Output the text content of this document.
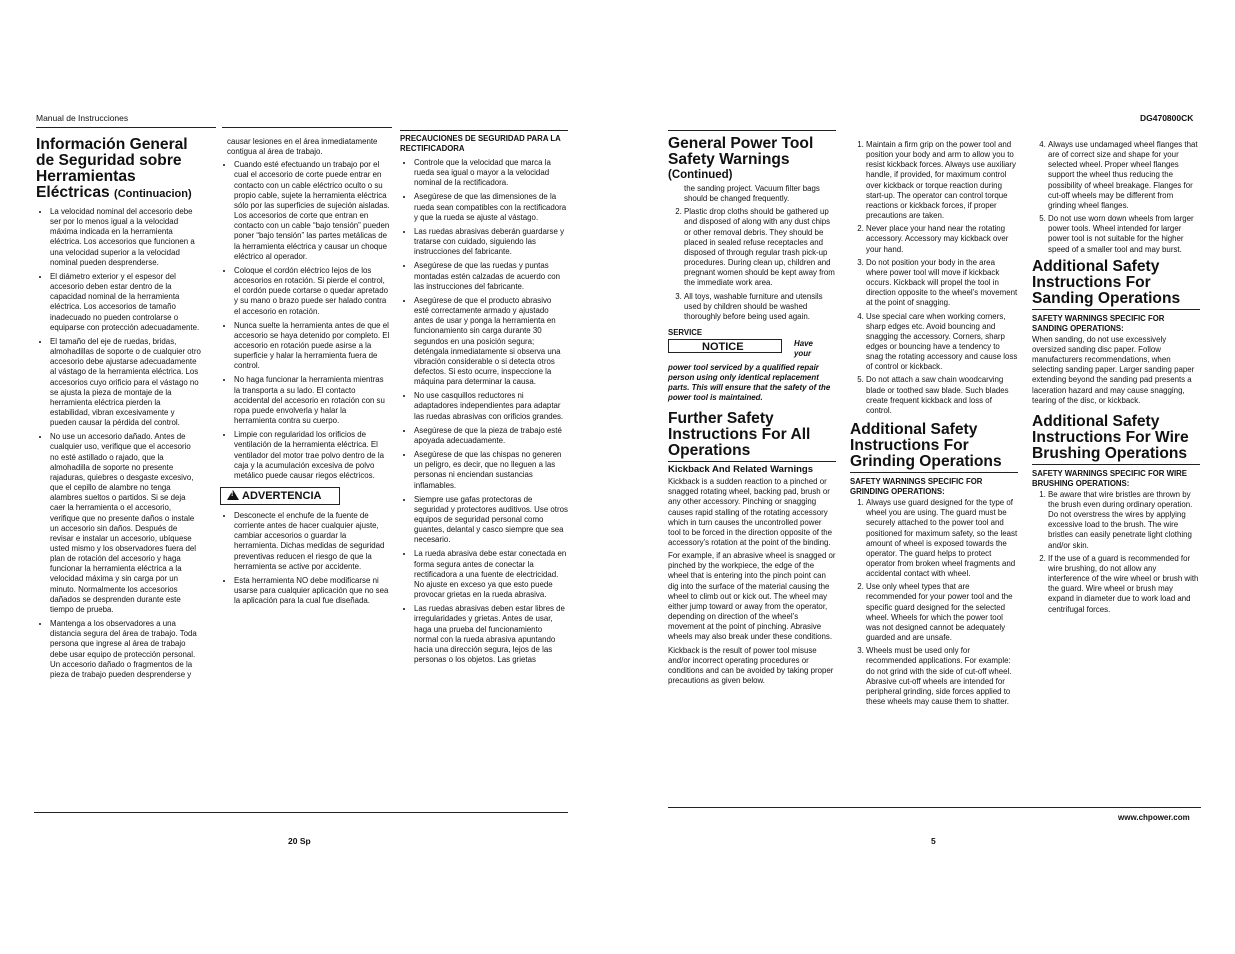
Manual de Instrucciones
Información General de Seguridad sobre Herramientas Eléctricas (Continuacion)
• La velocidad nominal del accesorio debe ser por lo menos igual a la velocidad máxima indicada en la herramienta eléctrica. Los accesorios que funcionen a una velocidad superior a la velocidad nominal pueden desprenderse.
• El diámetro exterior y el espesor del accesorio deben estar dentro de la capacidad nominal de la herramienta eléctrica. Los accesorios de tamaño inadecuado no pueden controlarse o equiparse con protección adecuadamente.
• El tamaño del eje de ruedas, bridas, almohadillas de soporte o de cualquier otro accesorio debe ajustarse adecuadamente al vástago de la herramienta eléctrica. Los accesorios cuyo orificio para el vástago no se ajusta la pieza de montaje de la herramienta eléctrica pierden la estabilidad, vibran excesivamente y pueden causar la pérdida del control.
• No use un accesorio dañado. Antes de cualquier uso, verifique que el accesorio no esté astillado o rajado, que la almohadilla de soporte no presente rajaduras, quiebres o desgaste excesivo, que el cepillo de alambre no tenga alambres sueltos o partidos. Si se deja caer la herramienta o el accesorio, verifique que no presente daños o instale un accesorio sin daños. Después de revisar e instalar un accesorio, ubíquese usted mismo y los observadores fuera del plan de rotación del accesorio y haga funcionar la herramienta eléctrica a la velocidad máxima y sin carga por un minuto. Normalmente los accesorios dañados se desprenden durante este tiempo de prueba.
• Mantenga a los observadores a una distancia segura del área de trabajo. Toda persona que ingrese al área de trabajo debe usar equipo de protección personal. Un accesorio dañado o fragmentos de la pieza de trabajo pueden desprenderse y

causar lesiones en el área inmediatamente contigua al área de trabajo.

• Cuando esté efectuando un trabajo por el cual el accesorio de corte puede entrar en contacto con un cable eléctrico oculto o su propio cable, sujete la herramienta eléctrica sólo por las superficies de sujeción aisladas. Los accesorios de corte que entran en contacto con un cable “bajo tensión” pueden poner “bajo tensión” las partes metálicas de la herramienta eléctrica y causar un choque eléctrico al operador.
• Coloque el cordón eléctrico lejos de los accesorios en rotación. Si pierde el control, el cordón puede cortarse o quedar apretado y su mano o brazo puede ser halado contra el accesorio en rotación.
• Nunca suelte la herramienta antes de que el accesorio se haya detenido por completo. El accesorio en rotación puede asirse a la superficie y halar la herramienta fuera de control.
• No haga funcionar la herramienta mientras la transporta a su lado. El contacto accidental del accesorio en rotación con su ropa puede envolverla y halar la herramienta contra su cuerpo.
• Limpie con regularidad los orificios de ventilación de la herramienta eléctrica. El ventilador del motor trae polvo dentro de la caja y la acumulación excesiva de polvo metálico puede causar riegos eléctricos.
!ADVERTENCIA
• Desconecte el enchufe de la fuente de corriente antes de hacer cualquier ajuste, cambiar accesorios o guardar la herramienta. Dichas medidas de seguridad preventivas reducen el riesgo de que la herramienta se active por accidente.
• Esta herramienta NO debe modificarse ni usarse para cualquier aplicación que no sea la aplicación para la cual fue diseñada.
PRECAUCIONES DE SEGURIDAD PARA LA RECTIFICADORA
• Controle que la velocidad que marca la rueda sea igual o mayor a la velocidad nominal de la rectificadora.
• Asegúrese de que las dimensiones de la rueda sean compatibles con la rectificadora y que la rueda se ajuste al vástago.
• Las ruedas abrasivas deberán guardarse y tratarse con cuidado, siguiendo las instrucciones del fabricante.
• Asegúrese de que las ruedas y puntas montadas estén calzadas de acuerdo con las instrucciones del fabricante.
• Asegúrese de que el producto abrasivo esté correctamente armado y ajustado antes de usar y ponga la herramienta en funcionamiento sin carga durante 30 segundos en una posición segura; deténgala inmediatamente si observa una vibración considerable o si detecta otros defectos. Si esto ocurre, inspeccione la máquina para determinar la causa.
• No use casquillos reductores ni adaptadores independientes para adaptar las ruedas abrasivas con orificios grandes.
• Asegúrese de que la pieza de trabajo esté apoyada adecuadamente.
• Asegúrese de que las chispas no generen un peligro, es decir, que no lleguen a las personas ni enciendan sustancias inflamables.
• Siempre use gafas protectoras de seguridad y protectores auditivos. Use otros equipos de seguridad personal como guantes, delantal y casco siempre que sea necesario.
• La rueda abrasiva debe estar conectada en forma segura antes de conectar la rectificadora a una fuente de electricidad. No ajuste en exceso ya que esto puede provocar grietas en la rueda abrasiva.
• Las ruedas abrasivas deben estar libres de irregularidades y grietas. Antes de usar, haga una prueba del funcionamiento normal con la rueda abrasiva apuntando hacia una dirección segura, lejos de las personas o los objetos. Las grietas
20 Sp
DG470800CK
General Power Tool Safety Warnings
(Continued)

the sanding project. Vacuum filter bags should be changed frequently.

2. Plastic drop cloths should be gathered up and disposed of along with any dust chips or other removal debris. They should be placed in sealed refuse receptacles and disposed of through regular trash pick-up procedures. During clean up, children and pregnant women should be kept away from the immediate work area.
3. All toys, washable furniture and utensils used by children should be washed thoroughly before being used again.
SERVICE
NOTICE	Have your

power tool serviced by a qualified repair person using only identical replacement parts. This will ensure that the safety of the power tool is maintained.

Further Safety Instructions For All Operations
Kickback And Related Warnings

Kickback is a sudden reaction to a pinched or snagged rotating wheel, backing pad, brush or any other accessory. Pinching or snagging causes rapid stalling of the rotating accessory which in turn causes the uncontrolled power tool to be forced in the direction opposite of the accessory’s rotation at the point of the binding.

For example, if an abrasive wheel is snagged or pinched by the workpiece, the edge of the wheel that is entering into the pinch point can dig into the surface of the material causing the wheel to climb out or kick out. The wheel may either jump toward or away from the operator, depending on direction of the wheel’s movement at the point of pinching. Abrasive wheels may also break under these conditions.

Kickback is the result of power tool misuse and/or incorrect operating procedures or conditions and can be avoided by taking proper precautions as given below.

1. Maintain a firm grip on the power tool and position your body and arm to allow you to resist kickback forces. Always use auxiliary handle, if provided, for maximum control over kickback or torque reaction during start-up. The operator can control torque reactions or kickback forces, if proper precautions are taken.
2. Never place your hand near the rotating accessory. Accessory may kickback over your hand.
3. Do not position your body in the area where power tool will move if kickback occurs. Kickback will propel the tool in direction opposite to the wheel’s movement at the point of snagging.
4. Use special care when working corners, sharp edges etc. Avoid bouncing and snagging the accessory. Corners, sharp edges or bouncing have a tendency to snag the rotating accessory and cause loss of control or kickback.
5. Do not attach a saw chain woodcarving blade or toothed saw blade. Such blades create frequent kickback and loss of control.
Additional Safety Instructions For Grinding Operations
SAFETY WARNINGS SPECIFIC FOR GRINDING OPERATIONS:
1. Always use guard designed for the type of wheel you are using. The guard must be securely attached to the power tool and positioned for maximum safety, so the least amount of wheel is exposed towards the operator. The guard helps to protect operator from broken wheel fragments and accidental contact with wheel.
2. Use only wheel types that are recommended for your power tool and the specific guard designed for the selected wheel. Wheels for which the power tool was not designed cannot be adequately guarded and are unsafe.
3. Wheels must be used only for recommended applications. For example: do not grind with the side of cut-off wheel. Abrasive cut-off wheels are intended for peripheral grinding, side forces applied to these wheels may cause them to shatter.
4. Always use undamaged wheel flanges that are of correct size and shape for your selected wheel. Proper wheel flanges support the wheel thus reducing the possibility of wheel breakage. Flanges for cut-off wheels may be different from grinding wheel flanges.
5. Do not use worn down wheels from larger power tools. Wheel intended for larger power tool is not suitable for the higher speed of a smaller tool and may burst.
Additional Safety Instructions For Sanding Operations
SAFETY WARNINGS SPECIFIC FOR SANDING OPERATIONS:

When sanding, do not use excessively oversized sanding disc paper. Follow manufacturers recommendations, when selecting sanding paper. Larger sanding paper extending beyond the sanding pad presents a laceration hazard and may cause snagging, tearing of the disc, or kickback.

Additional Safety Instructions For Wire Brushing Operations
SAFETY WARNINGS SPECIFIC FOR WIRE BRUSHING OPERATIONS:
1. Be aware that wire bristles are thrown by the brush even during ordinary operation. Do not overstress the wires by applying excessive load to the brush. The wire bristles can easily penetrate light clothing and/or skin.
2. If the use of a guard is recommended for wire brushing, do not allow any interference of the wire wheel or brush with the guard. Wire wheel or brush may expand in diameter due to work load and centrifugal forces.
www.chpower.com
5
